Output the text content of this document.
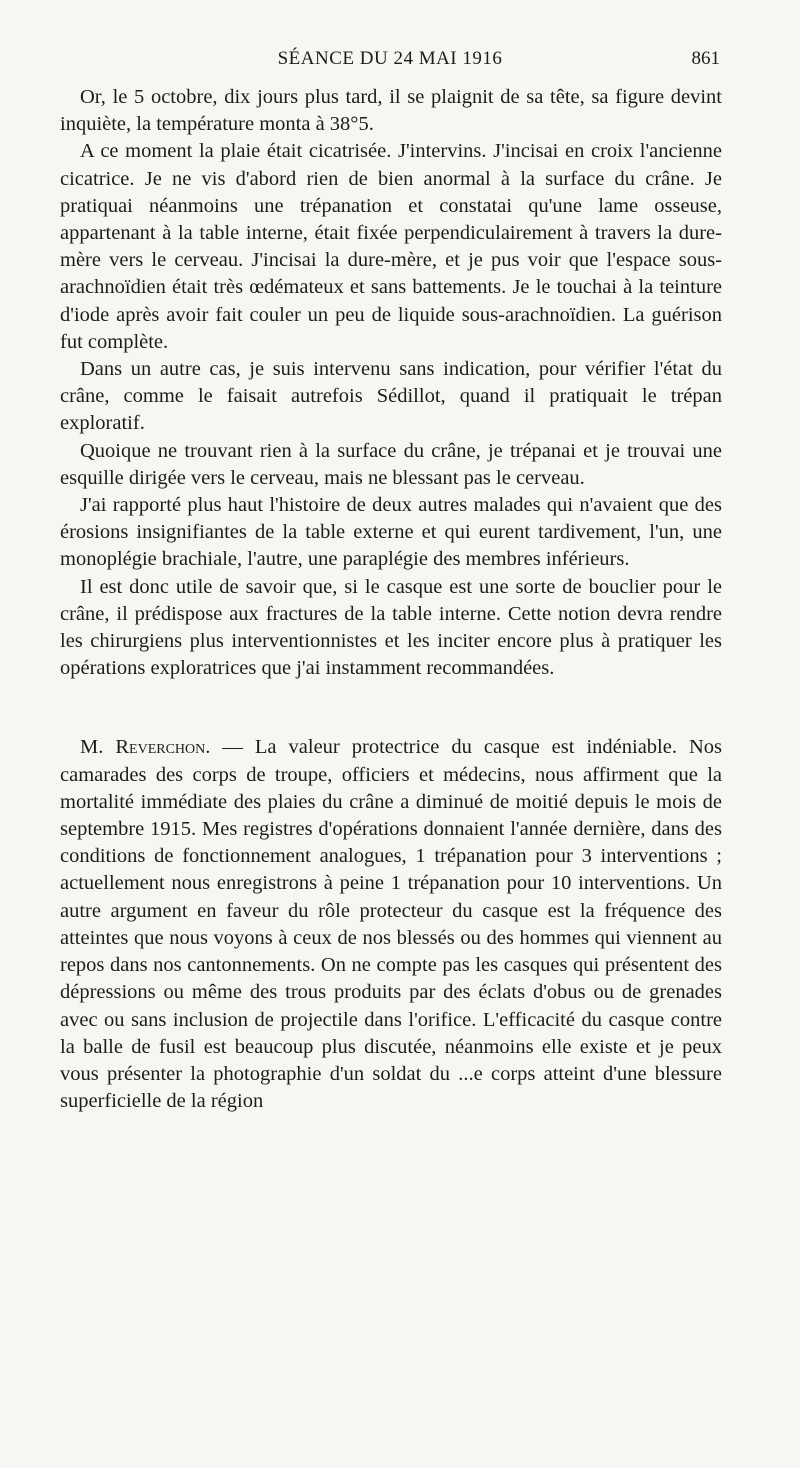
SÉANCE DU 24 MAI 1916	861

Or, le 5 octobre, dix jours plus tard, il se plaignit de sa tête, sa figure devint inquiète, la température monta à 38°5.

A ce moment la plaie était cicatrisée. J'intervins. J'incisai en croix l'ancienne cicatrice. Je ne vis d'abord rien de bien anormal à la surface du crâne. Je pratiquai néanmoins une trépanation et constatai qu'une lame osseuse, appartenant à la table interne, était fixée perpendiculairement à travers la dure-mère vers le cerveau. J'incisai la dure-mère, et je pus voir que l'espace sous-arachnoïdien était très œdémateux et sans battements. Je le touchai à la teinture d'iode après avoir fait couler un peu de liquide sous-arachnoïdien. La guérison fut complète.

Dans un autre cas, je suis intervenu sans indication, pour vérifier l'état du crâne, comme le faisait autrefois Sédillot, quand il pratiquait le trépan exploratif.

Quoique ne trouvant rien à la surface du crâne, je trépanai et je trouvai une esquille dirigée vers le cerveau, mais ne blessant pas le cerveau.

J'ai rapporté plus haut l'histoire de deux autres malades qui n'avaient que des érosions insignifiantes de la table externe et qui eurent tardivement, l'un, une monoplégie brachiale, l'autre, une paraplégie des membres inférieurs.

Il est donc utile de savoir que, si le casque est une sorte de bouclier pour le crâne, il prédispose aux fractures de la table interne. Cette notion devra rendre les chirurgiens plus interventionnistes et les inciter encore plus à pratiquer les opérations exploratrices que j'ai instamment recommandées.

M. Reverchon. — La valeur protectrice du casque est indéniable. Nos camarades des corps de troupe, officiers et médecins, nous affirment que la mortalité immédiate des plaies du crâne a diminué de moitié depuis le mois de septembre 1915. Mes registres d'opérations donnaient l'année dernière, dans des conditions de fonctionnement analogues, 1 trépanation pour 3 interventions ; actuellement nous enregistrons à peine 1 trépanation pour 10 interventions. Un autre argument en faveur du rôle protecteur du casque est la fréquence des atteintes que nous voyons à ceux de nos blessés ou des hommes qui viennent au repos dans nos cantonnements. On ne compte pas les casques qui présentent des dépressions ou même des trous produits par des éclats d'obus ou de grenades avec ou sans inclusion de projectile dans l'orifice. L'efficacité du casque contre la balle de fusil est beaucoup plus discutée, néanmoins elle existe et je peux vous présenter la photographie d'un soldat du ...e corps atteint d'une blessure superficielle de la région
